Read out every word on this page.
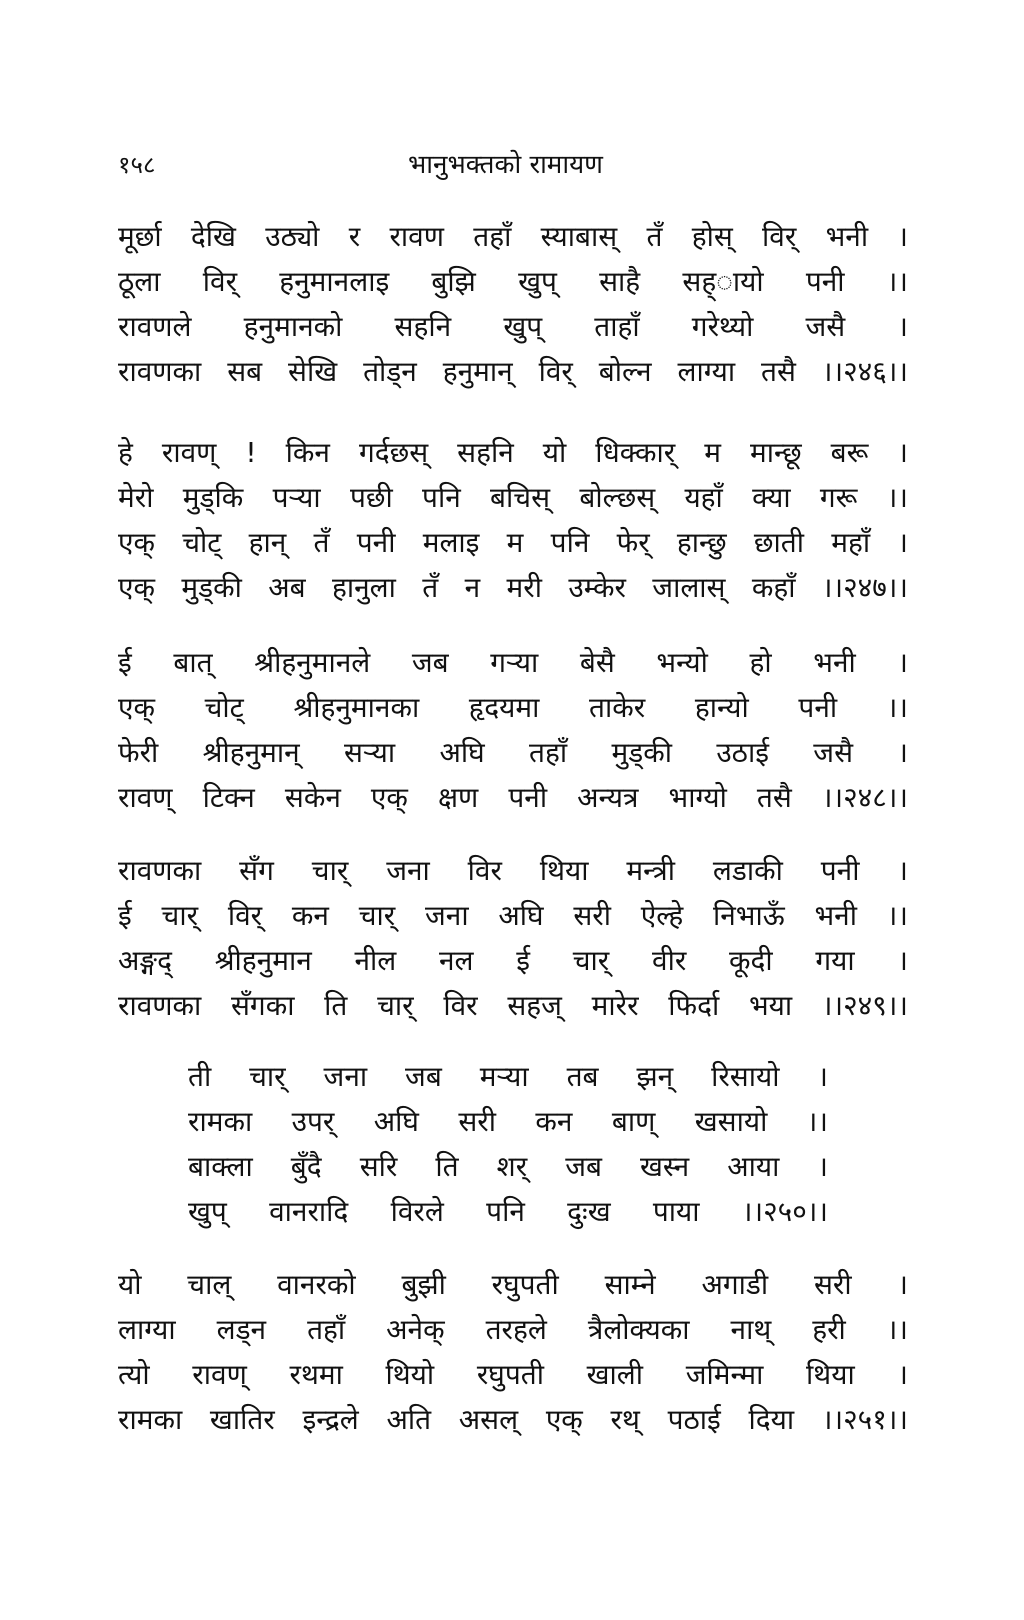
१५८	भानुभक्तको रामायण
मूर्छा देखि उठ्यो र रावण तहाँ स्याबास् तँ होस् विर् भनी ।
ठूला विर् हनुमानलाइ बुझि खुप् साहै सह्ायो पनी ।।
रावणले हनुमानको सहनि खुप् ताहाँ गरेथ्यो जसै ।
रावणका सब सेखि तोड्न हनुमान् विर् बोल्न लाग्या तसै ।।२४६।।
हे रावण् ! किन गर्दछस् सहनि यो धिक्कार् म मान्छू बरू ।
मेरो मुड्कि पऱ्या पछी पनि बचिस् बोल्छस् यहाँ क्या गरू ।।
एक् चोट् हान् तँ पनी मलाइ म पनि फेर् हान्छु छाती महाँ ।
एक् मुड्की अब हानुला तँ न मरी उम्केर जालास् कहाँ ।।२४७।।
ई बात् श्रीहनुमानले जब गऱ्या बेसै भन्यो हो भनी ।
एक् चोट् श्रीहनुमानका हृदयमा ताकेर हान्यो पनी ।।
फेरी श्रीहनुमान् सऱ्या अघि तहाँ मुड्की उठाई जसै ।
रावण् टिक्न सकेन एक् क्षण पनी अन्यत्र भाग्यो तसै ।।२४८।।
रावणका सँग चार् जना विर थिया मन्त्री लडाकी पनी ।
ई चार् विर् कन चार् जना अघि सरी ऐल्हे निभाऊँ भनी ।।
अङ्गद् श्रीहनुमान नील नल ई चार् वीर कूदी गया ।
रावणका सँगका ति चार् विर सहज् मारेर फिर्दा भया ।।२४९।।
ती चार् जना जब मऱ्या तब झन् रिसायो ।
रामका उपर् अघि सरी कन बाण् खसायो ।।
बाक्ला बुँदै सरि ति शर् जब खस्न आया ।
खुप् वानरादि विरले पनि दुःख पाया ।।२५०।।
यो चाल् वानरको बुझी रघुपती साम्ने अगाडी सरी ।
लाग्या लड्न तहाँ अनेक् तरहले त्रैलोक्यका नाथ् हरी ।।
त्यो रावण् रथमा थियो रघुपती खाली जमिन्मा थिया ।
रामका खातिर इन्द्रले अति असल् एक् रथ् पठाई दिया ।।२५१।।
